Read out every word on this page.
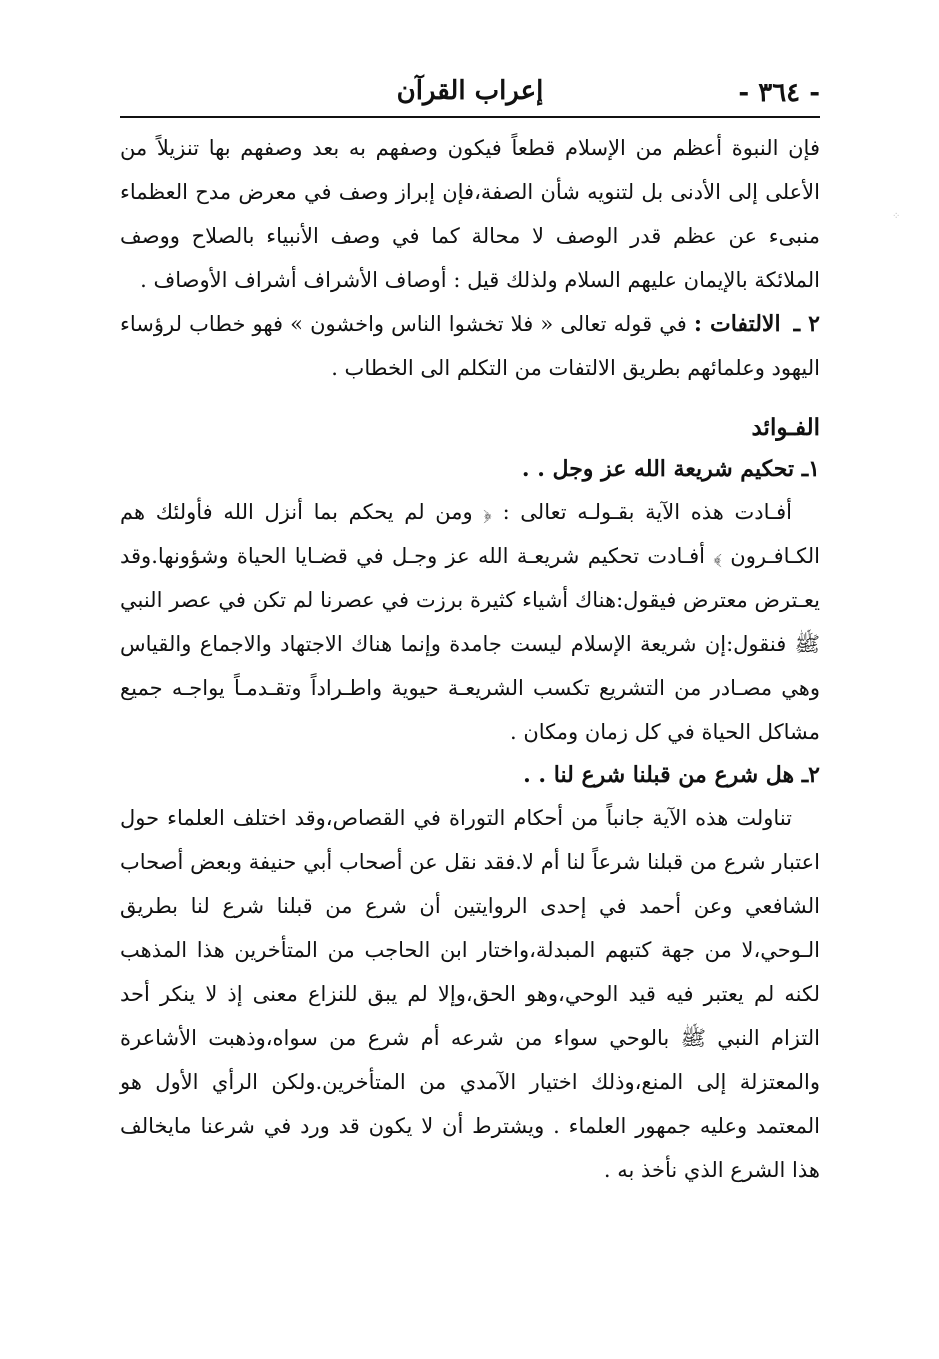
⁘
- ٣٦٤ -
إعراب القرآن

فإن النبوة أعظم من الإسلام قطعاً فيكون وصفهم به بعد وصفهم بها تنزيلاً من الأعلى إلى الأدنى بل لتنويه شأن الصفة،فإن إبراز وصف في معرض مدح العظماء منبىء عن عظم قدر الوصف لا محالة كما في وصف الأنبياء بالصلاح ووصف الملائكة بالإيمان عليهم السلام ولذلك قيل : أوصاف الأشراف أشراف الأوصاف .

٢ ـ الالتفات : في قوله تعالى « فلا تخشوا الناس واخشون » فهو خطاب لرؤساء اليهود وعلمائهم بطريق الالتفات من التكلم الى الخطاب .

الفـوائد
١ـ تحكيم شريعة الله عز وجل . .

أفـادت هذه الآية بقـولـه تعالى : ﴿ ومن لم يحكم بما أنزل الله فأولئك هم الكـافـرون ﴾ أفـادت تحكيم شريعـة الله عز وجـل في قضـايا الحياة وشؤونها.وقد يعـترض معترض فيقول:هناك أشياء كثيرة برزت في عصرنا لم تكن في عصر النبي ﷺ فنقول:إن شريعة الإسلام ليست جامدة وإنما هناك الاجتهاد والاجماع والقياس وهي مصـادر من التشريع تكسب الشريعـة حيوية واطـراداً وتقـدمـاً يواجـه جميع مشاكل الحياة في كل زمان ومكان .

٢ـ هل شرع من قبلنا شرع لنا . .

تناولت هذه الآية جانباً من أحكام التوراة في القصاص،وقد اختلف العلماء حول اعتبار شرع من قبلنا شرعاً لنا أم لا.فقد نقل عن أصحاب أبي حنيفة وبعض أصحاب الشافعي وعن أحمد في إحدى الروايتين أن شرع من قبلنا شرع لنا بطريق الـوحي،لا من جهة كتبهم المبدلة،واختار ابن الحاجب من المتأخرين هذا المذهب لكنه لم يعتبر فيه قيد الوحي،وهو الحق،وإلا لم يبق للنزاع معنى إذ لا ينكر أحد التزام النبي ﷺ بالوحي سواء من شرعه أم شرع من سواه،وذهبت الأشاعرة والمعتزلة إلى المنع،وذلك اختيار الآمدي من المتأخرين.ولكن الرأي الأول هو المعتمد وعليه جمهور العلماء . ويشترط أن لا يكون قد ورد في شرعنا مايخالف هذا الشرع الذي نأخذ به .
